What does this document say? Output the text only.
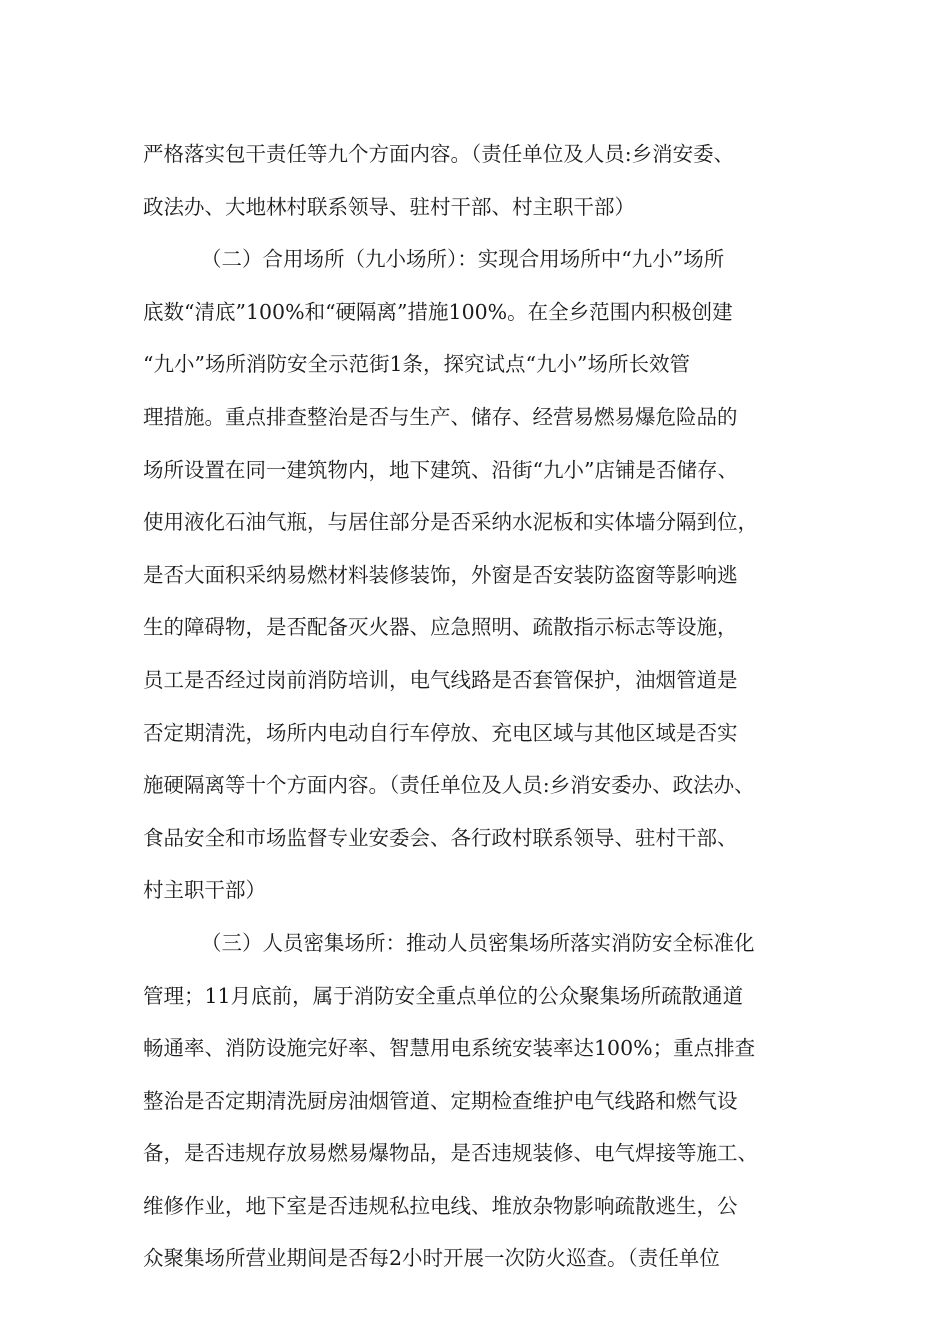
严格落实包干责任等九个方面内容。（责任单位及人员:乡消安委、
政法办、大地林村联系领导、驻村干部、村主职干部）
（二）合用场所（九小场所）：实现合用场所中“九小”场所
底数“清底”100%和“硬隔离”措施100%。在全乡范围内积极创建
“九小”场所消防安全示范街1条，探究试点“九小”场所长效管
理措施。重点排查整治是否与生产、储存、经营易燃易爆危险品的
场所设置在同一建筑物内，地下建筑、沿街“九小”店铺是否储存、
使用液化石油气瓶，与居住部分是否采纳水泥板和实体墙分隔到位，
是否大面积采纳易燃材料装修装饰，外窗是否安装防盗窗等影响逃
生的障碍物，是否配备灭火器、应急照明、疏散指示标志等设施，
员工是否经过岗前消防培训，电气线路是否套管保护，油烟管道是
否定期清洗，场所内电动自行车停放、充电区域与其他区域是否实
施硬隔离等十个方面内容。（责任单位及人员:乡消安委办、政法办、
食品安全和市场监督专业安委会、各行政村联系领导、驻村干部、
村主职干部）
（三）人员密集场所：推动人员密集场所落实消防安全标准化
管理；11月底前，属于消防安全重点单位的公众聚集场所疏散通道
畅通率、消防设施完好率、智慧用电系统安装率达100%；重点排查
整治是否定期清洗厨房油烟管道、定期检查维护电气线路和燃气设
备，是否违规存放易燃易爆物品，是否违规装修、电气焊接等施工、
维修作业，地下室是否违规私拉电线、堆放杂物影响疏散逃生，公
众聚集场所营业期间是否每2小时开展一次防火巡查。（责任单位
